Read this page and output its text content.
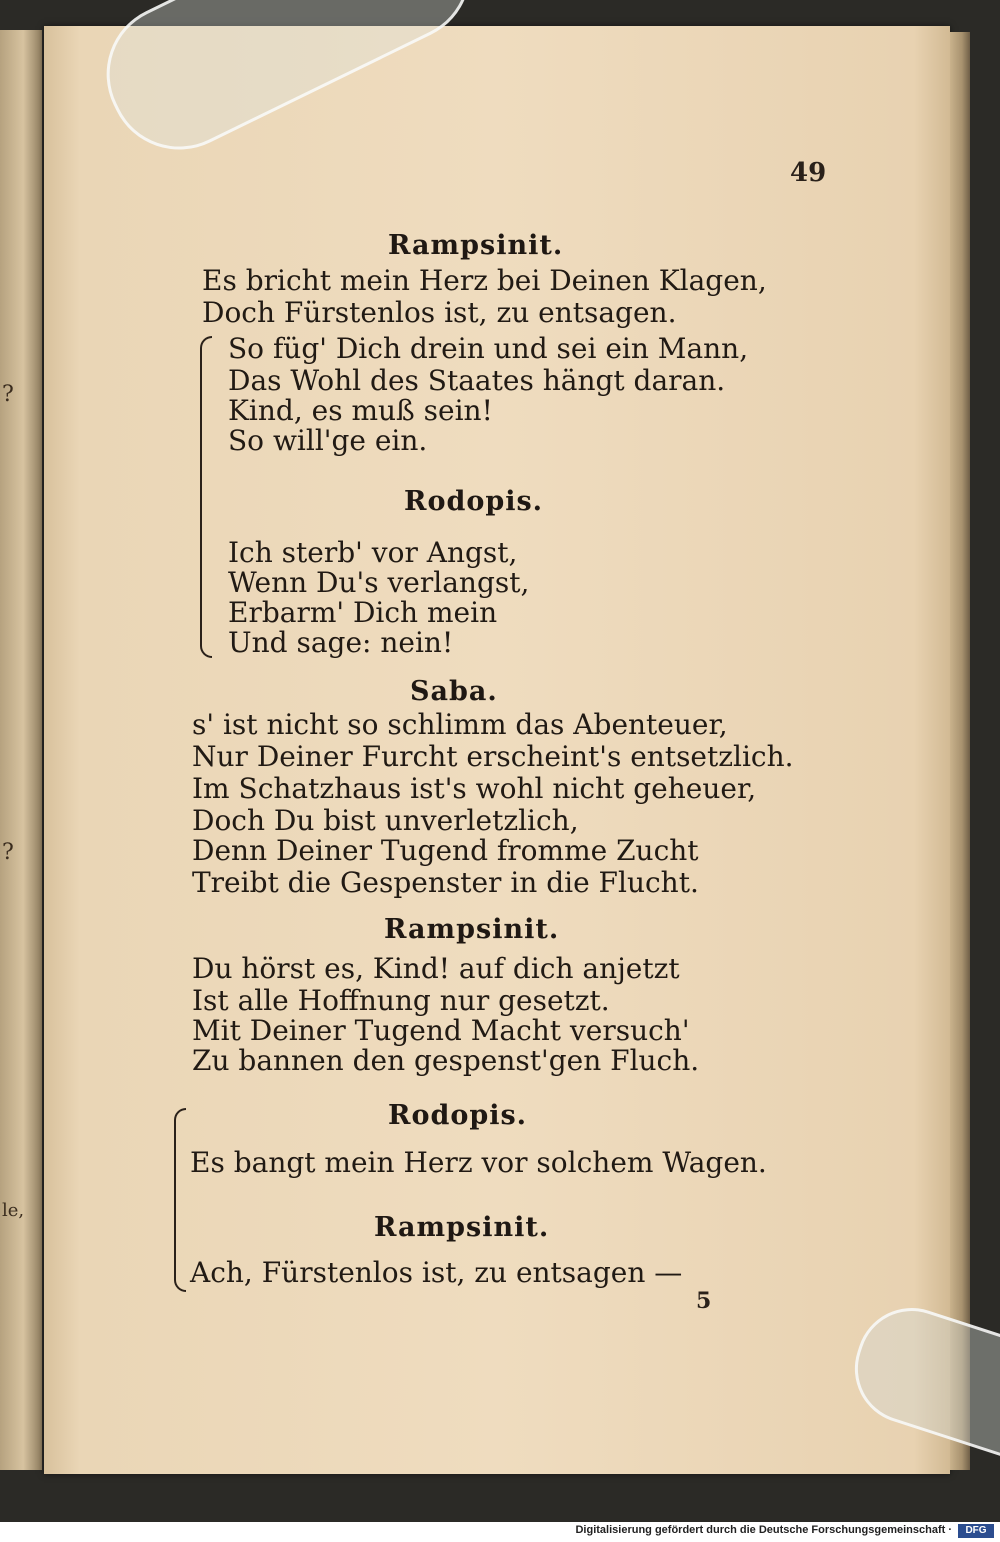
?
?
le,
49
Rampsinit.
Es bricht mein Herz bei Deinen Klagen,
Doch Fürstenlos ist, zu entsagen.
So füg' Dich drein und sei ein Mann,
Das Wohl des Staates hängt daran.
Kind, es muß sein!
So will'ge ein.
Rodopis.
Ich sterb' vor Angst,
Wenn Du's verlangst,
Erbarm' Dich mein
Und sage: nein!
Saba.
s' ist nicht so schlimm das Abenteuer,
Nur Deiner Furcht erscheint's entsetzlich.
Im Schatzhaus ist's wohl nicht geheuer,
Doch Du bist unverletzlich,
Denn Deiner Tugend fromme Zucht
Treibt die Gespenster in die Flucht.
Rampsinit.
Du hörst es, Kind! auf dich anjetzt
Ist alle Hoffnung nur gesetzt.
Mit Deiner Tugend Macht versuch'
Zu bannen den gespenst'gen Fluch.
Rodopis.
Es bangt mein Herz vor solchem Wagen.
Rampsinit.
Ach, Fürstenlos ist, zu entsagen —
5
Digitalisierung gefördert durch die Deutsche Forschungsgemeinschaft ·	DFG
